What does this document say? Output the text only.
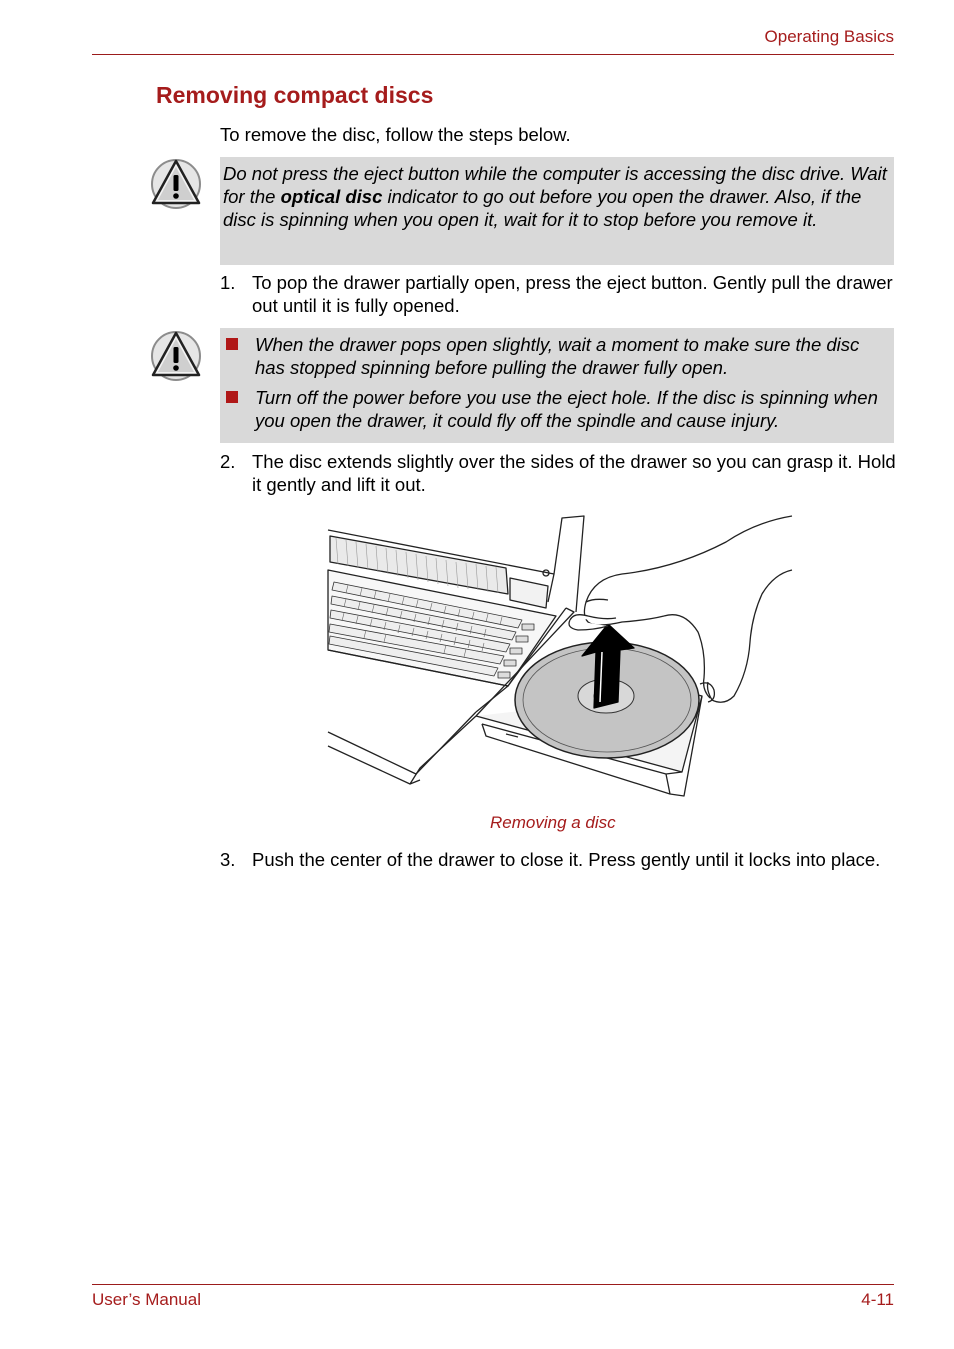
Operating Basics
Removing compact discs
To remove the disc, follow the steps below.
Do not press the eject button while the computer is accessing the disc drive. Wait for the optical disc indicator to go out before you open the drawer. Also, if the disc is spinning when you open it, wait for it to stop before you remove it.
1. To pop the drawer partially open, press the eject button. Gently pull the drawer out until it is fully opened.
When the drawer pops open slightly, wait a moment to make sure the disc has stopped spinning before pulling the drawer fully open.
Turn off the power before you use the eject hole. If the disc is spinning when you open the drawer, it could fly off the spindle and cause injury.
2. The disc extends slightly over the sides of the drawer so you can grasp it. Hold it gently and lift it out.
Removing a disc
3. Push the center of the drawer to close it. Press gently until it locks into place.
User’s Manual	4-11
